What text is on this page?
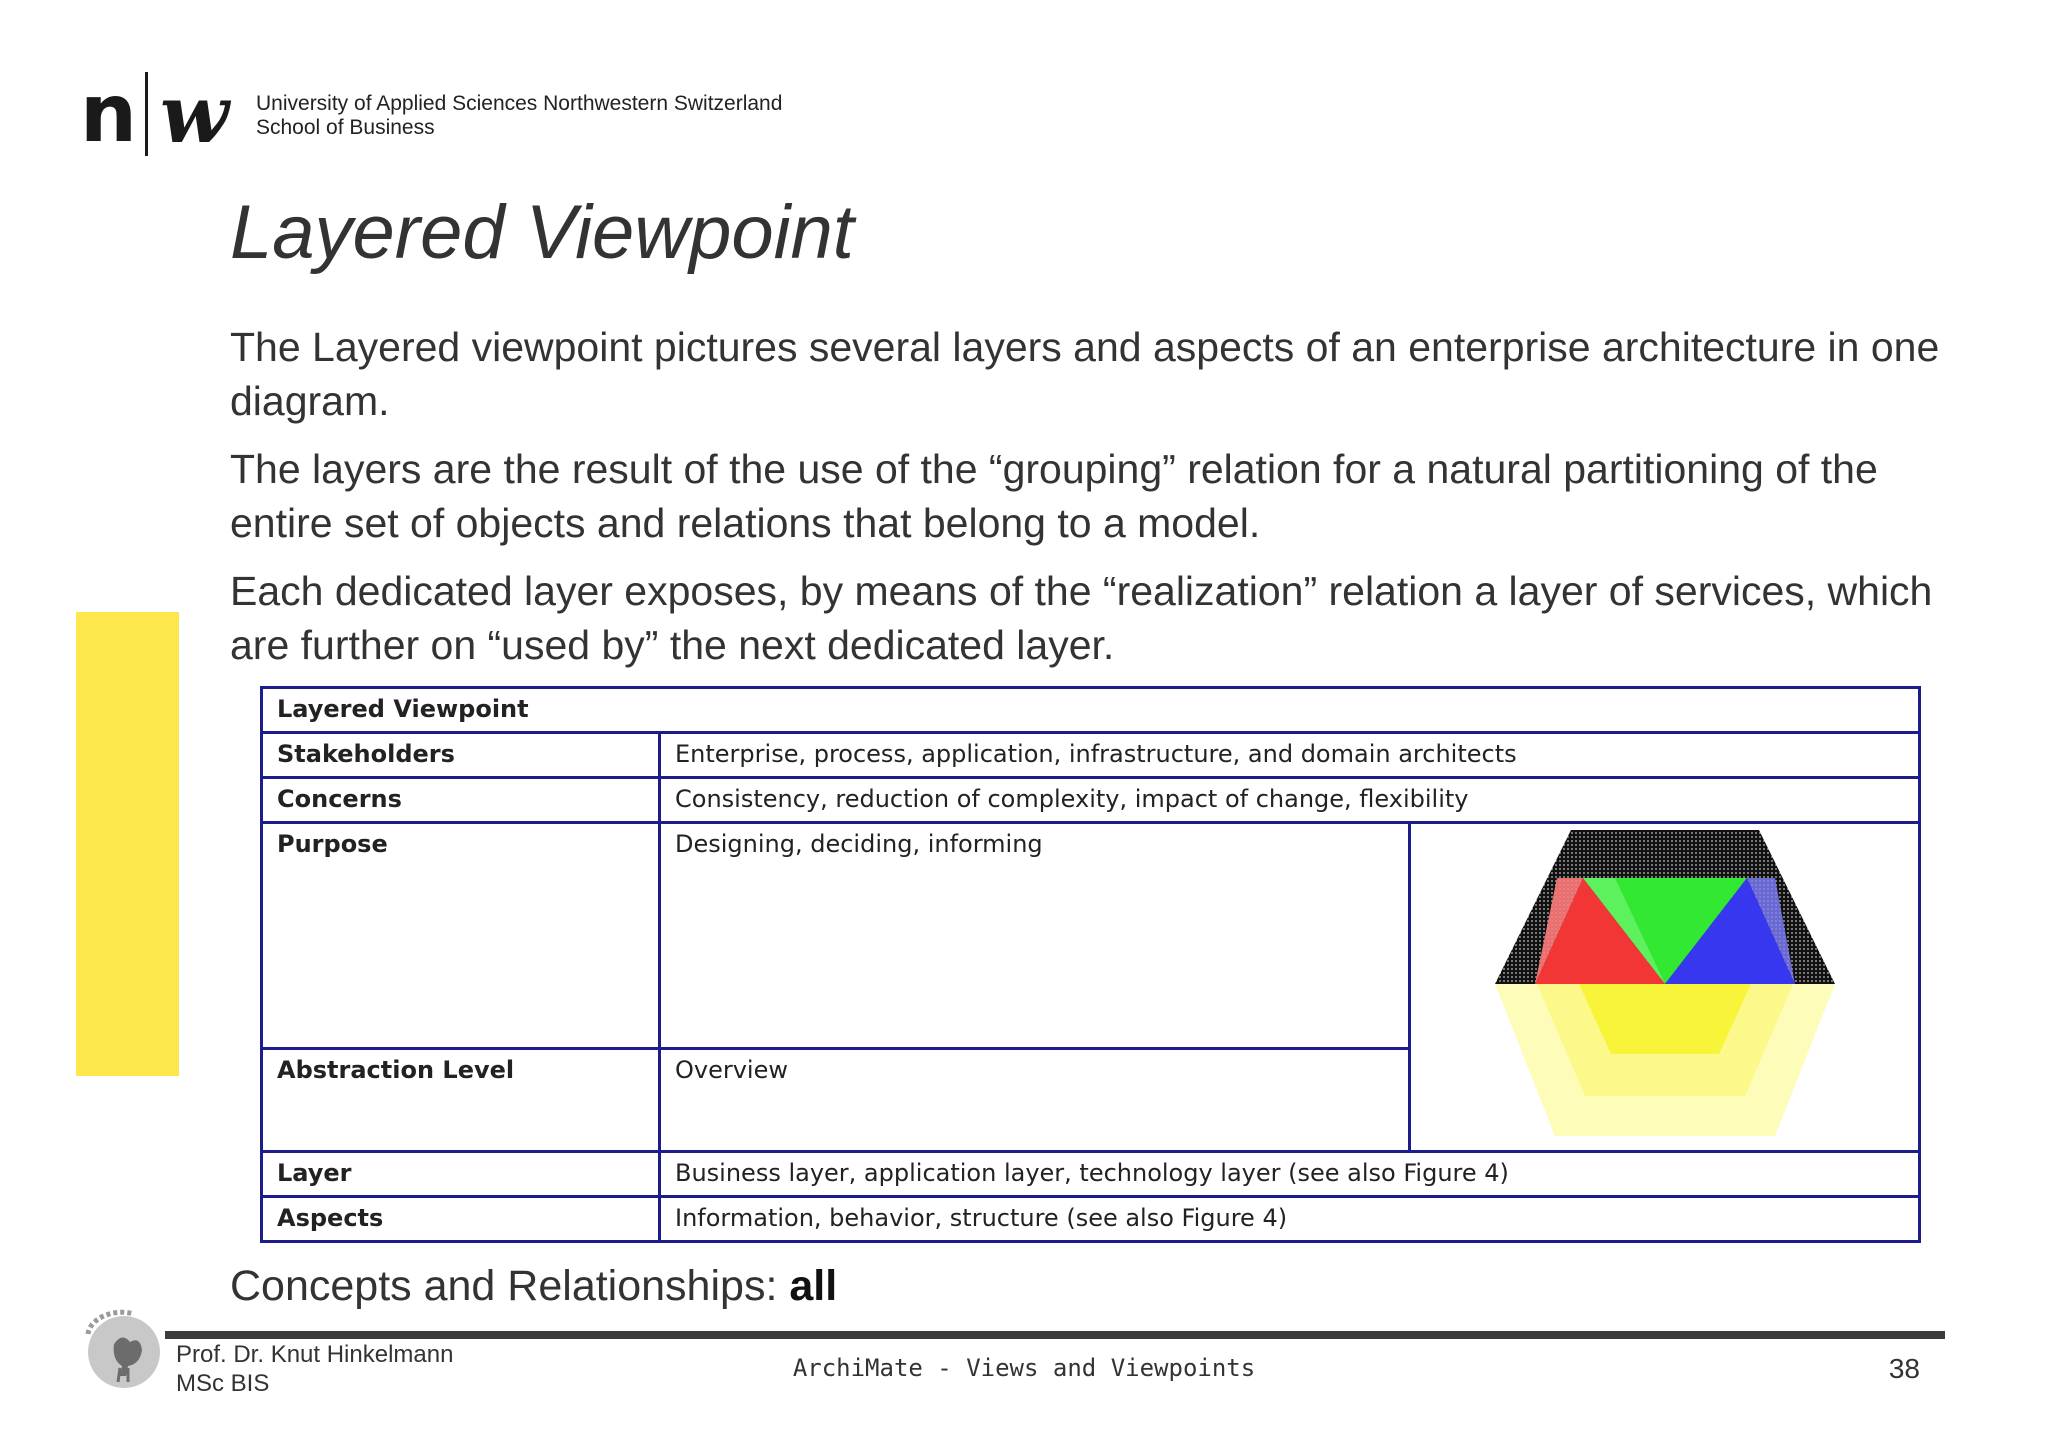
n w University of Applied Sciences Northwestern Switzerland
School of Business
Layered Viewpoint

The Layered viewpoint pictures several layers and aspects of an enterprise architecture in one diagram.

The layers are the result of the use of the “grouping” relation for a natural partitioning of the entire set of objects and relations that belong to a model.

Each dedicated layer exposes, by means of the “realization” relation a layer of services, which are further on “used by” the next dedicated layer.

Layered Viewpoint		
Stakeholders	Enterprise, process, application, infrastructure, and domain architects	
Concerns	Consistency, reduction of complexity, impact of change, flexibility	
Purpose	Designing, deciding, informing	
Abstraction Level	Overview	
Layer	Business layer, application layer, technology layer (see also Figure 4)	
Aspects	Information, behavior, structure (see also Figure 4)	
Concepts and Relationships: all
Prof. Dr. Knut Hinkelmann
MSc BIS
ArchiMate - Views and Viewpoints	38
